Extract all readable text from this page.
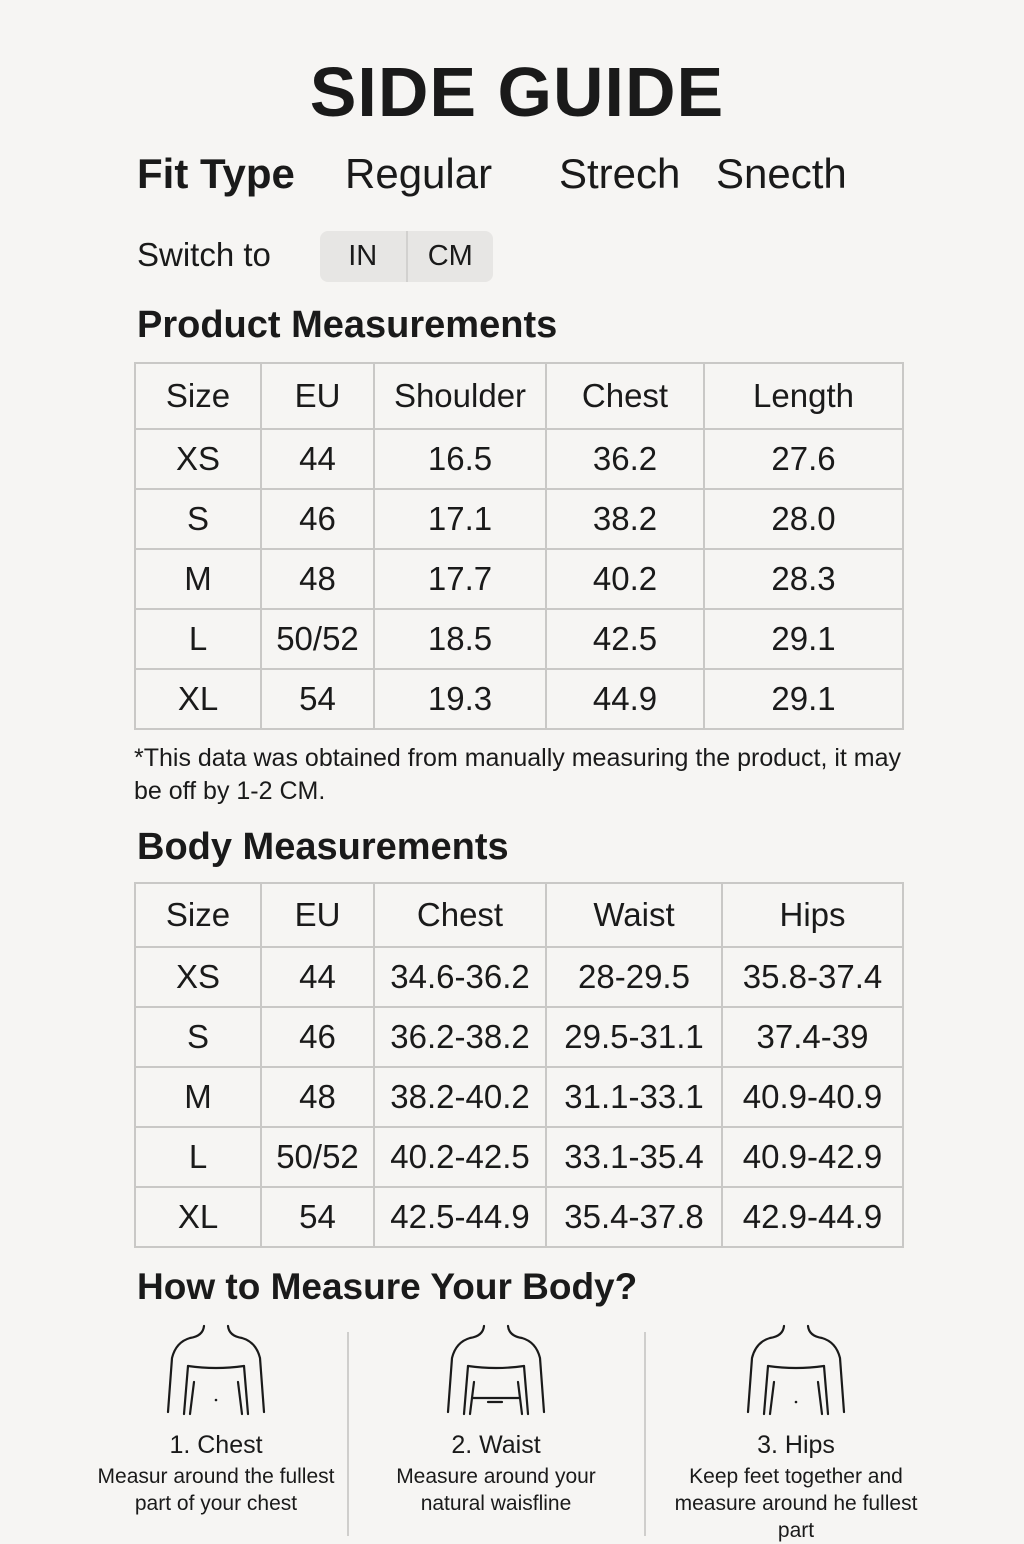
SIDE GUIDE
Fit Type Regular Strech Snecth
Switch to	IN	CM
Product Measurements
Size	EU	Shoulder	Chest	Length
XS	44	16.5	36.2	27.6
S	46	17.1	38.2	28.0
M	48	17.7	40.2	28.3
L	50/52	18.5	42.5	29.1
XL	54	19.3	44.9	29.1
*This data was obtained from manually measuring the product, it may be off by 1-2 CM.
Body Measurements
Size	EU	Chest	Waist	Hips
XS	44	34.6-36.2	28-29.5	35.8-37.4
S	46	36.2-38.2	29.5-31.1	37.4-39
M	48	38.2-40.2	31.1-33.1	40.9-40.9
L	50/52	40.2-42.5	33.1-35.4	40.9-42.9
XL	54	42.5-44.9	35.4-37.8	42.9-44.9
How to Measure Your Body?
1. Chest
Measur around the fullest part of your chest
2. Waist
Measure around your natural waisfline
3. Hips
Keep feet together and measure around he fullest part
